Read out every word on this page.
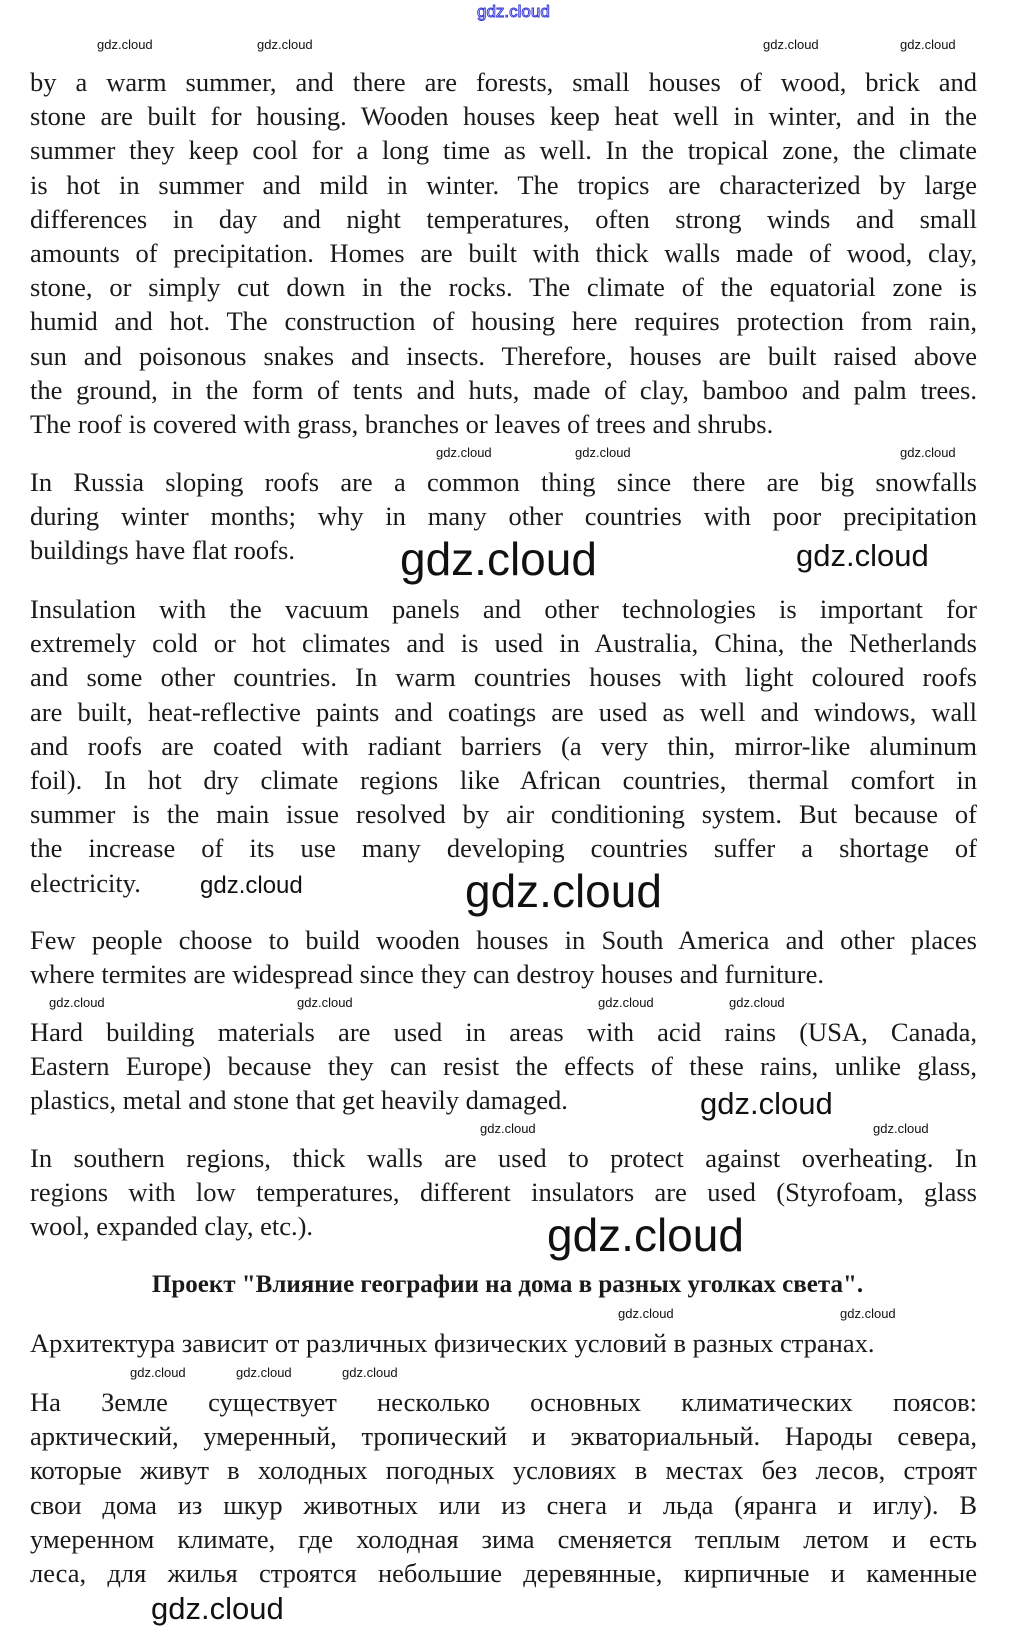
gdz.cloud
by a warm summer, and there are forests, small houses of wood, brick and
stone are built for housing. Wooden houses keep heat well in winter, and in the
summer they keep cool for a long time as well. In the tropical zone, the climate
is hot in summer and mild in winter. The tropics are characterized by large
differences in day and night temperatures, often strong winds and small
amounts of precipitation. Homes are built with thick walls made of wood, clay,
stone, or simply cut down in the rocks. The climate of the equatorial zone is
humid and hot. The construction of housing here requires protection from rain,
sun and poisonous snakes and insects. Therefore, houses are built raised above
the ground, in the form of tents and huts, made of clay, bamboo and palm trees.
The roof is covered with grass, branches or leaves of trees and shrubs.
In Russia sloping roofs are a common thing since there are big snowfalls
during winter months; why in many other countries with poor precipitation
buildings have flat roofs.
Insulation with the vacuum panels and other technologies is important for
extremely cold or hot climates and is used in Australia, China, the Netherlands
and some other countries. In warm countries houses with light coloured roofs
are built, heat-reflective paints and coatings are used as well and windows, wall
and roofs are coated with radiant barriers (a very thin, mirror-like aluminum
foil). In hot dry climate regions like African countries, thermal comfort in
summer is the main issue resolved by air conditioning system. But because of
the increase of its use many developing countries suffer a shortage of
electricity.
Few people choose to build wooden houses in South America and other places
where termites are widespread since they can destroy houses and furniture.
Hard building materials are used in areas with acid rains (USA, Canada,
Eastern Europe) because they can resist the effects of these rains, unlike glass,
plastics, metal and stone that get heavily damaged.
In southern regions, thick walls are used to protect against overheating. In
regions with low temperatures, different insulators are used (Styrofoam, glass
wool, expanded clay, etc.).
Проект "Влияние географии на дома в разных уголках света".
Архитектура зависит от различных физических условий в разных странах.
На Земле существует несколько основных климатических поясов:
арктический, умеренный, тропический и экваториальный. Народы севера,
которые живут в холодных погодных условиях в местах без лесов, строят
свои дома из шкур животных или из снега и льда (яранга и иглу). В
умеренном климате, где холодная зима сменяется теплым летом и есть
леса, для жилья строятся небольшие деревянные, кирпичные и каменные
gdz.cloud	gdz.cloud
gdz.cloud
gdz.cloud
gdz.cloud
gdz.cloud
gdz.cloud
gdz.cloud	gdz.cloud	gdz.cloud
gdz.cloud
gdz.cloud
gdz.cloud	gdz.cloud
gdz.cloud	gdz.cloud	gdz.cloud	gdz.cloud
gdz.cloud
gdz.cloud
gdz.cloud	gdz.cloud
gdz.cloud	gdz.cloud	gdz.cloud
